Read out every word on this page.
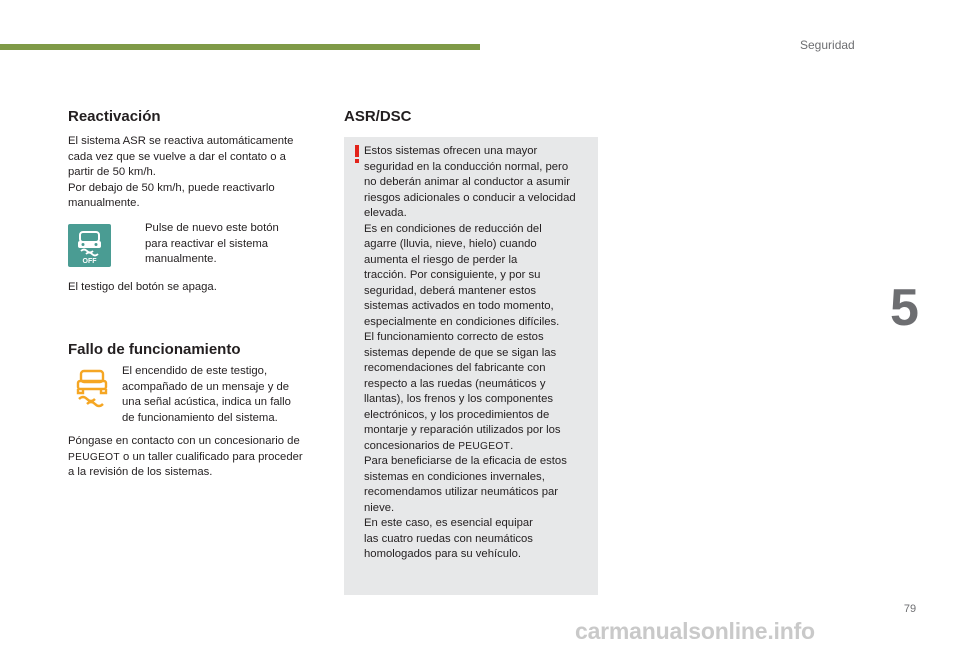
Seguridad
5
Reactivación

El sistema ASR se reactiva automáticamente
cada vez que se vuelve a dar el contato o a
partir de 50 km/h.
Por debajo de 50 km/h, puede reactivarlo
manualmente.

OFF

Pulse de nuevo este botón
para reactivar el sistema
manualmente.

El testigo del botón se apaga.

Fallo de funcionamiento

El encendido de este testigo,
acompañado de un mensaje y de
una señal acústica, indica un fallo
de funcionamiento del sistema.

Póngase en contacto con un concesionario de
PEUGEOT o un taller cualificado para proceder
a la revisión de los sistemas.

ASR/DSC

Estos sistemas ofrecen una mayor
seguridad en la conducción normal, pero
no deberán animar al conductor a asumir
riesgos adicionales o conducir a velocidad
elevada.
Es en condiciones de reducción del
agarre (lluvia, nieve, hielo) cuando
aumenta el riesgo de perder la
tracción. Por consiguiente, y por su
seguridad, deberá mantener estos
sistemas activados en todo momento,
especialmente en condiciones difíciles.
El funcionamiento correcto de estos
sistemas depende de que se sigan las
recomendaciones del fabricante con
respecto a las ruedas (neumáticos y
llantas), los frenos y los componentes
electrónicos, y los procedimientos de
montarje y reparación utilizados por los
concesionarios de PEUGEOT.
Para beneficiarse de la eficacia de estos
sistemas en condiciones invernales,
recomendamos utilizar neumáticos par
nieve.
En este caso, es esencial equipar
las cuatro ruedas con neumáticos
homologados para su vehículo.

79
carmanualsonline.info
